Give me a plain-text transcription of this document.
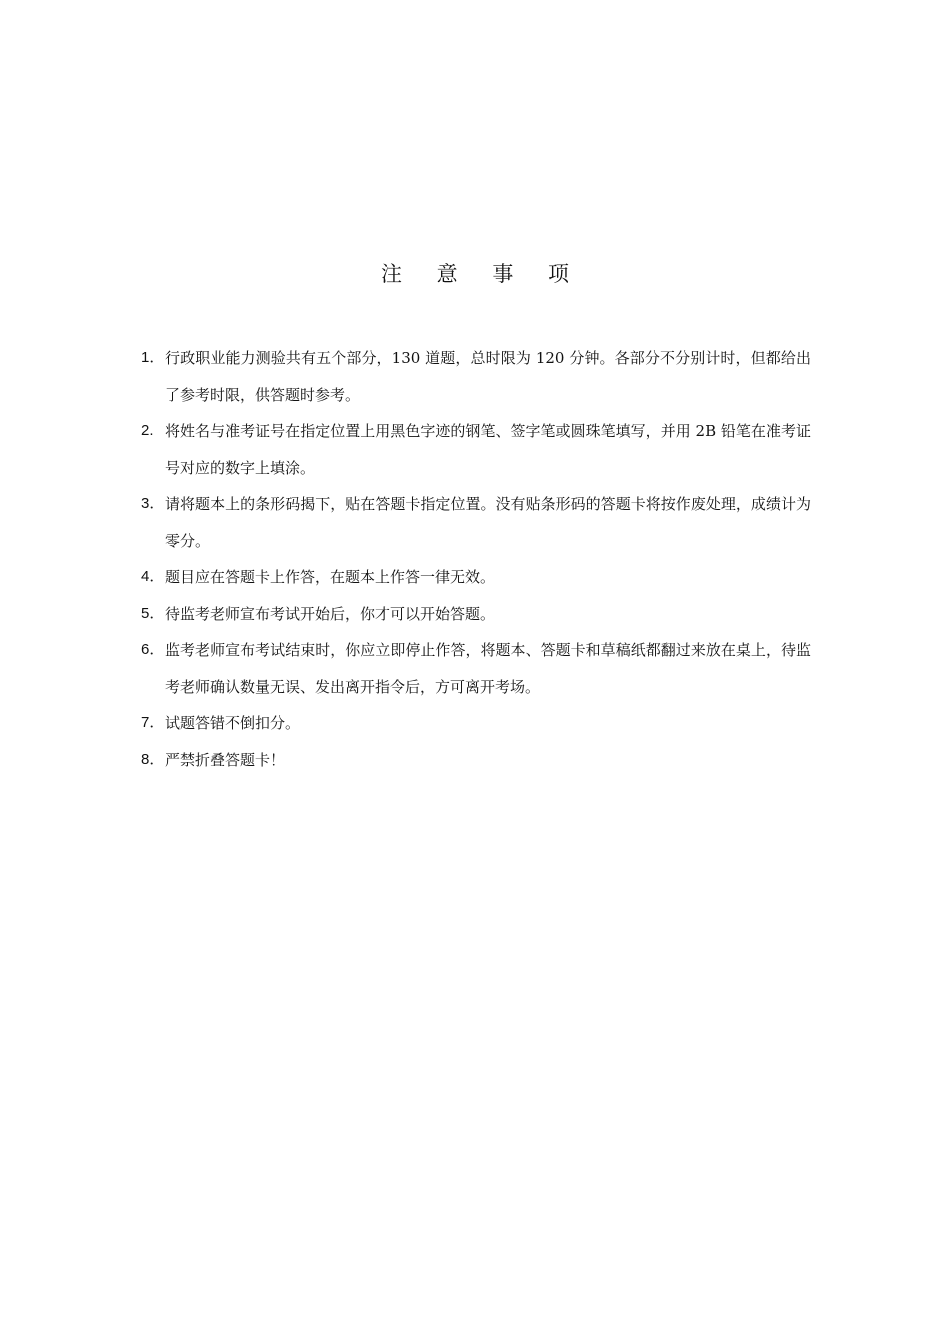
注 意 事 项
1． 行政职业能力测验共有五个部分，130 道题，总时限为 120 分钟。各部分不分别计时，但都给出了参考时限，供答题时参考。
2. 将姓名与准考证号在指定位置上用黑色字迹的钢笔、签字笔或圆珠笔填写，并用 2B 铅笔在准考证号对应的数字上填涂。
3． 请将题本上的条形码揭下，贴在答题卡指定位置。没有贴条形码的答题卡将按作废处理，成绩计为零分。
4． 题目应在答题卡上作答，在题本上作答一律无效。
5． 待监考老师宣布考试开始后，你才可以开始答题。
6． 监考老师宣布考试结束时，你应立即停止作答，将题本、答题卡和草稿纸都翻过来放在桌上，待监考老师确认数量无误、发出离开指令后，方可离开考场。
7． 试题答错不倒扣分。
8． 严禁折叠答题卡！
